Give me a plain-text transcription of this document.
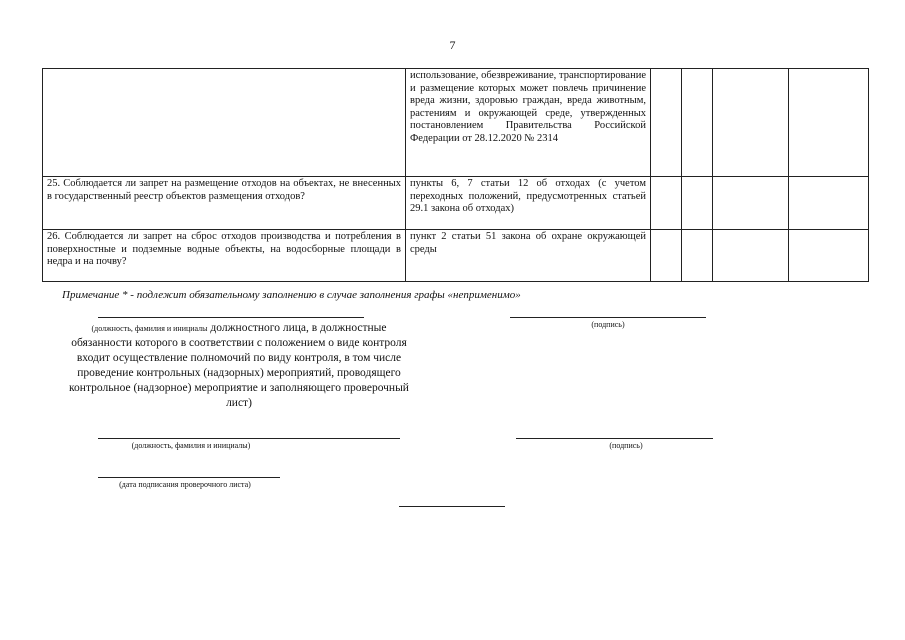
7
	использование, обезвреживание, транспортирование и размещение которых может повлечь причинение вреда жизни, здоровью граждан, вреда животным, растениям и окружающей среде, утвержденных постановлением Правительства Российской Федерации от 28.12.2020 № 2314				
25. Соблюдается ли запрет на размещение отходов на объектах, не внесенных в государственный реестр объектов размещения отходов?	пункты 6, 7 статьи 12 об отходах (с учетом переходных положений, предусмотренных статьей 29.1 закона об отходах)				
26. Соблюдается ли запрет на сброс отходов производства и потребления в поверхностные и подземные водные объекты, на водосборные площади в недра и на почву?	пункт 2 статьи 51 закона об охране окружающей среды				
Примечание * - подлежит обязательному заполнению в случае заполнения графы «неприменимо»
(должность, фамилия и инициалы должностного лица, в должностные обязанности которого в соответствии с положением о виде контроля
входит осуществление полномочий по виду контроля, в том числе проведение контрольных (надзорных) мероприятий, проводящего контрольное (надзорное) мероприятие и заполняющего проверочный лист)
(подпись)
(должность, фамилия и инициалы)	(подпись)
(дата подписания проверочного листа)
